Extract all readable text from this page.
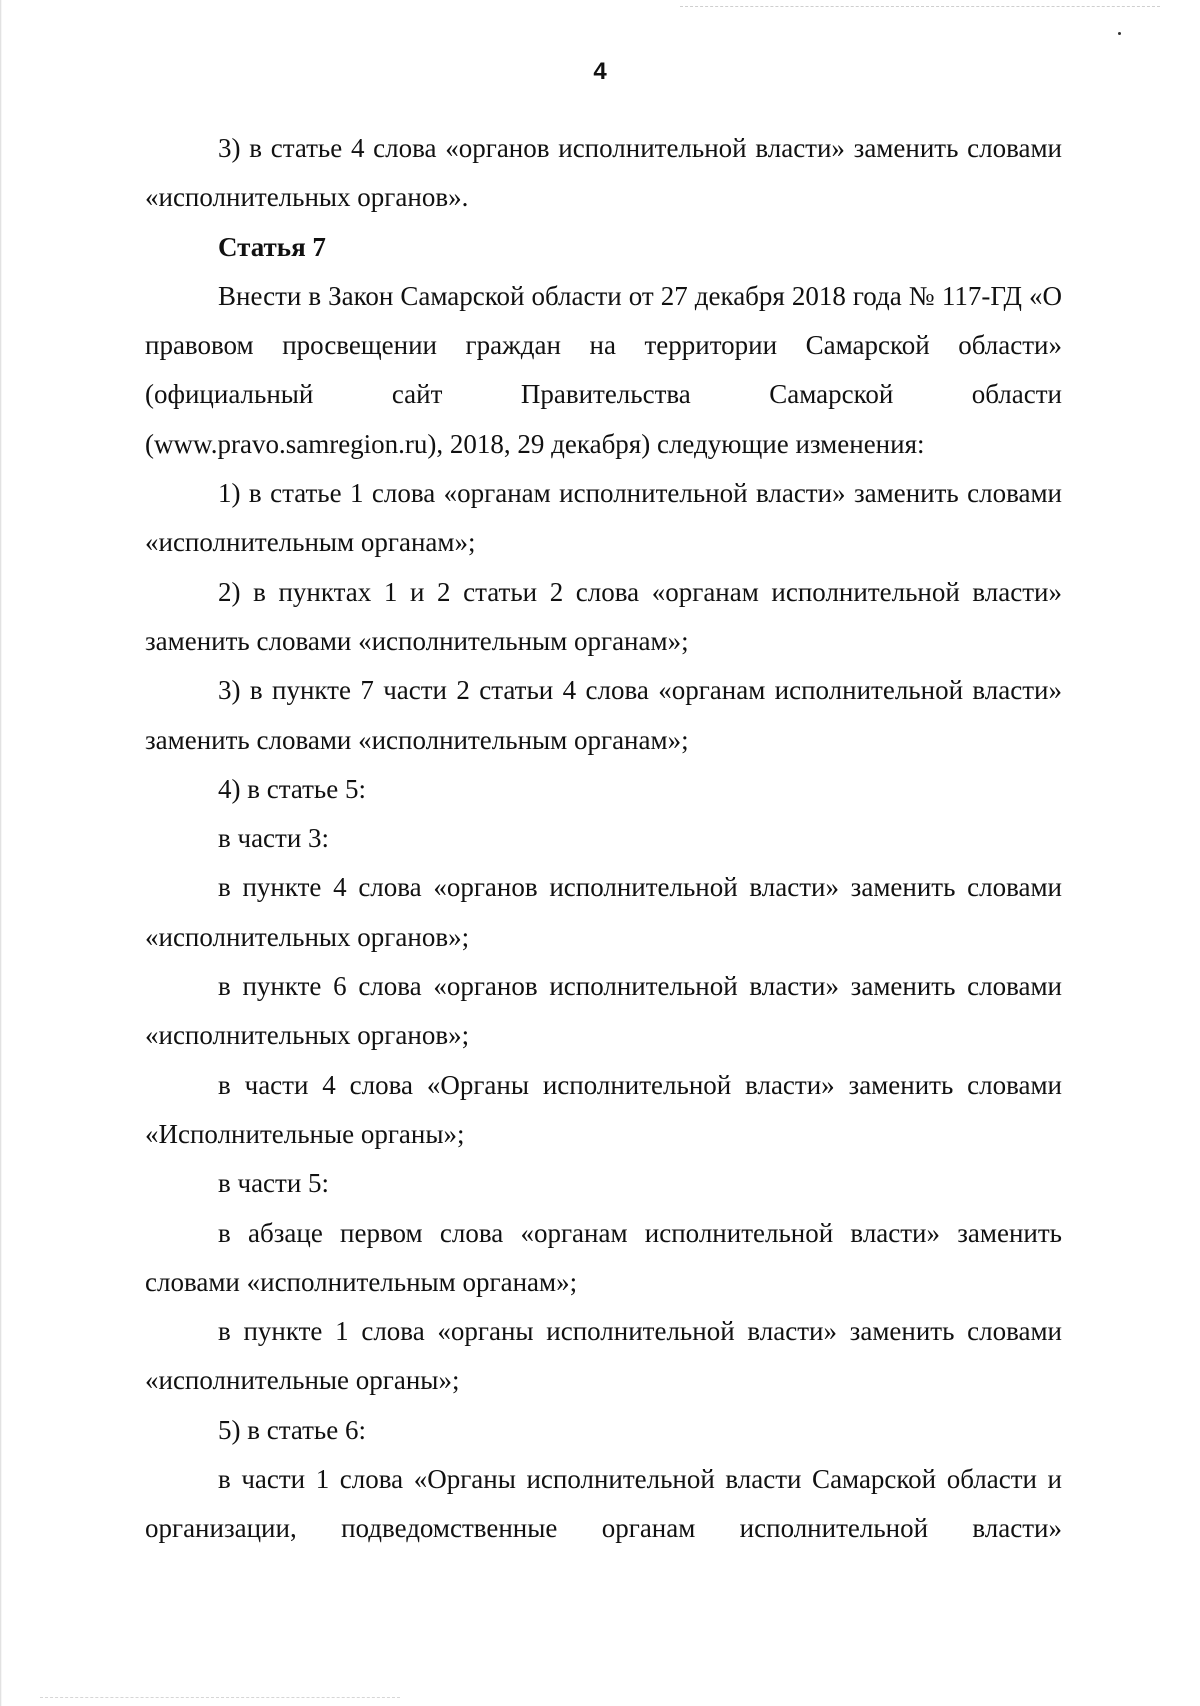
4

3) в статье 4 слова «органов исполнительной власти» заменить словами «исполнительных органов».

Статья 7

Внести в Закон Самарской области от 27 декабря 2018 года № 117-ГД «О правовом просвещении граждан на территории Самарской области» (официальный сайт Правительства Самарской области (www.pravo.samregion.ru), 2018, 29 декабря) следующие изменения:

1) в статье 1 слова «органам исполнительной власти» заменить словами «исполнительным органам»;

2) в пунктах 1 и 2 статьи 2 слова «органам исполнительной власти» заменить словами «исполнительным органам»;

3) в пункте 7 части 2 статьи 4 слова «органам исполнительной власти» заменить словами «исполнительным органам»;

4) в статье 5:

в части 3:

в пункте 4 слова «органов исполнительной власти» заменить словами «исполнительных органов»;

в пункте 6 слова «органов исполнительной власти» заменить словами «исполнительных органов»;

в части 4 слова «Органы исполнительной власти» заменить словами «Исполнительные органы»;

в части 5:

в абзаце первом слова «органам исполнительной власти» заменить словами «исполнительным органам»;

в пункте 1 слова «органы исполнительной власти» заменить словами «исполнительные органы»;

5) в статье 6:

в части 1 слова «Органы исполнительной власти Самарской области и организации, подведомственные органам исполнительной власти»
